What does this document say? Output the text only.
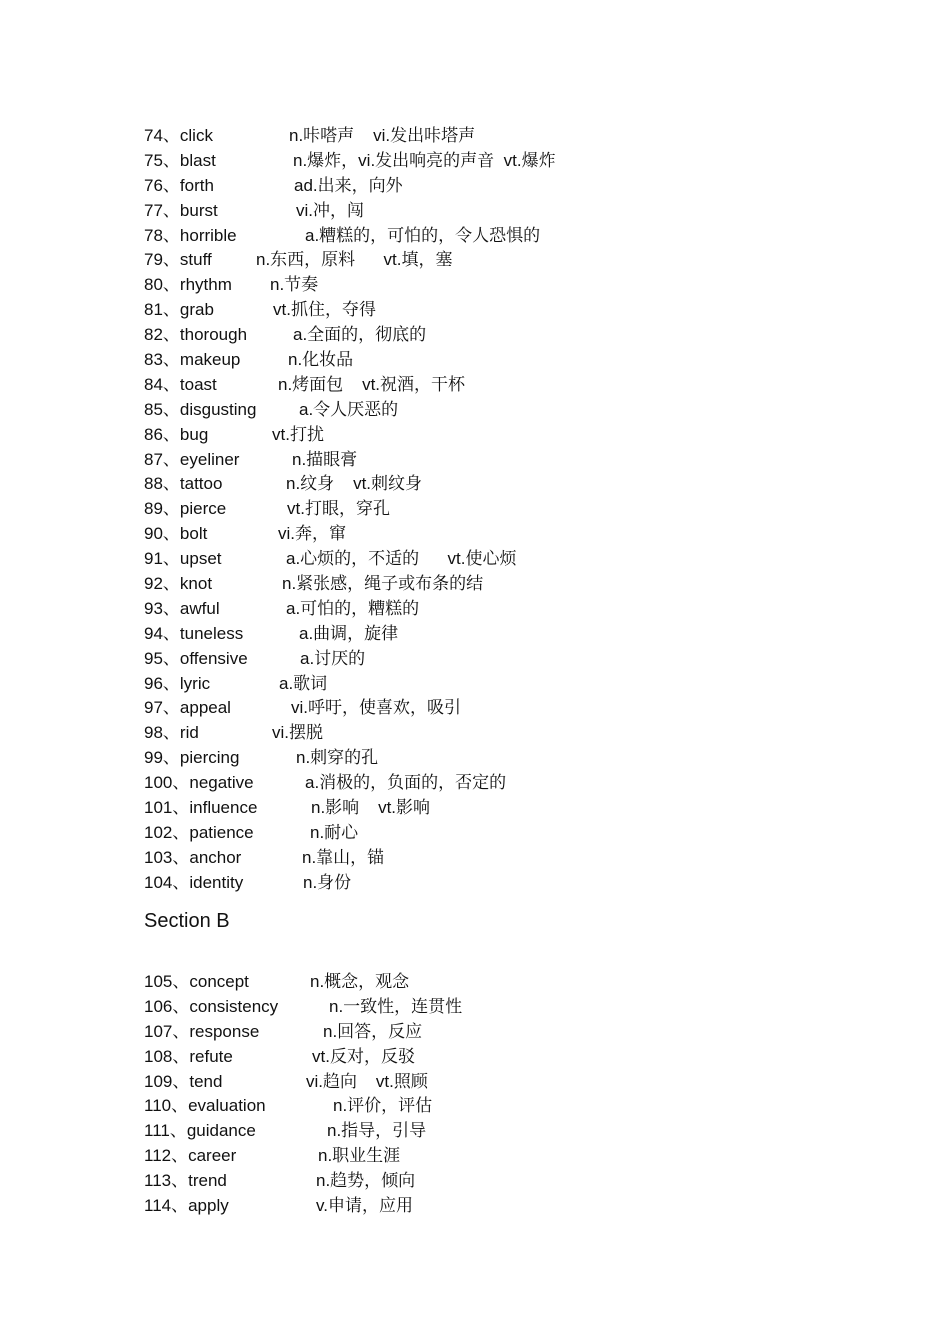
74、click	n.咔嗒声    vi.发出咔塔声
75、blast	n.爆炸，vi.发出响亮的声音  vt.爆炸
76、forth	ad.出来，向外
77、burst	vi.冲，闯
78、horrible	a.糟糕的，可怕的，令人恐惧的
79、stuff	n.东西，原料      vt.填，塞
80、rhythm n.节奏
81、grab	vt.抓住，夺得
82、thorough	a.全面的，彻底的
83、makeup	n.化妆品
84、toast	n.烤面包    vt.祝酒，干杯
85、disgusting	a.令人厌恶的
86、bug	vt.打扰
87、eyeliner	n.描眼膏
88、tattoo	n.纹身    vt.刺纹身
89、pierce	vt.打眼，穿孔
90、bolt	vi.奔，窜
91、upset	a.心烦的，不适的      vt.使心烦
92、knot	n.紧张感，绳子或布条的结
93、awful	a.可怕的，糟糕的
94、tuneless	a.曲调，旋律
95、offensive	a.讨厌的
96、lyric	a.歌词
97、appeal	vi.呼吁，使喜欢，吸引
98、rid	vi.摆脱
99、piercing	n.刺穿的孔
100、negative	a.消极的，负面的，否定的
101、influence	n.影响    vt.影响
102、patience	n.耐心
103、anchor	n.靠山，锚
104、identity	n.身份
Section B
105、concept	n.概念，观念
106、consistency	n.一致性，连贯性
107、response	n.回答，反应
108、refute	vt.反对，反驳
109、tend	vi.趋向    vt.照顾
110、evaluation	n.评价，评估
111、guidance	n.指导，引导
112、career	n.职业生涯
113、trend	n.趋势，倾向
114、apply	v.申请，应用
